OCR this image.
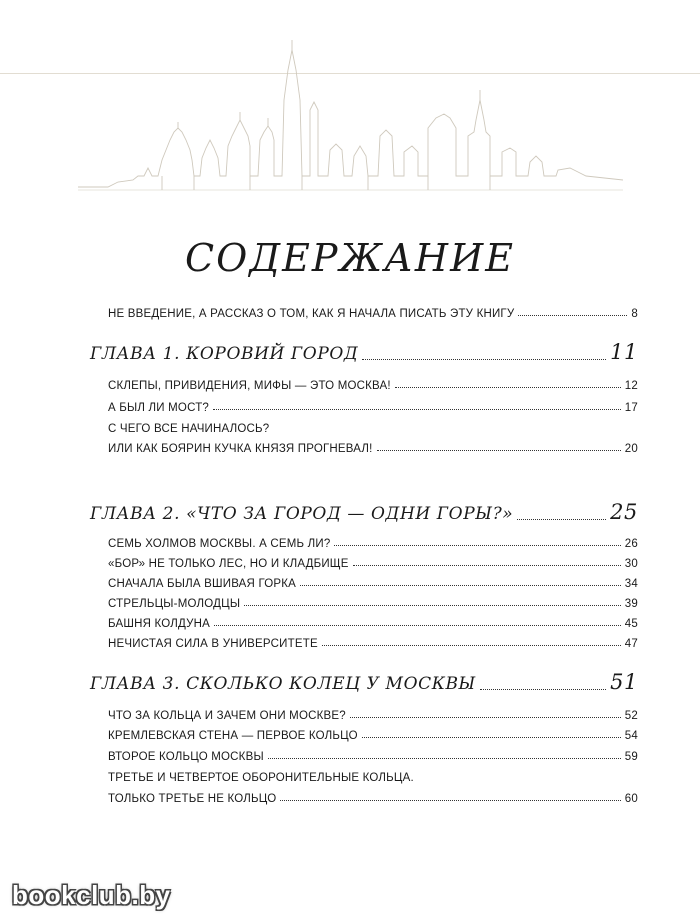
СОДЕРЖАНИЕ
НЕ ВВЕДЕНИЕ, А РАССКАЗ О ТОМ, КАК Я НАЧАЛА ПИСАТЬ ЭТУ КНИГУ	8
ГЛАВА 1. КОРОВИЙ ГОРОД	11
СКЛЕПЫ, ПРИВИДЕНИЯ, МИФЫ — ЭТО МОСКВА!	12
А БЫЛ ЛИ МОСТ?	17
С ЧЕГО ВСЕ НАЧИНАЛОСЬ?
ИЛИ КАК БОЯРИН КУЧКА КНЯЗЯ ПРОГНЕВАЛ!	20
ГЛАВА 2. «ЧТО ЗА ГОРОД — ОДНИ ГОРЫ?»	25
СЕМЬ ХОЛМОВ МОСКВЫ. А СЕМЬ ЛИ?	26
«БОР» НЕ ТОЛЬКО ЛЕС, НО И КЛАДБИЩЕ	30
СНАЧАЛА БЫЛА ВШИВАЯ ГОРКА	34
СТРЕЛЬЦЫ-МОЛОДЦЫ	39
БАШНЯ КОЛДУНА	45
НЕЧИСТАЯ СИЛА В УНИВЕРСИТЕТЕ	47
ГЛАВА 3. СКОЛЬКО КОЛЕЦ У МОСКВЫ	51
ЧТО ЗА КОЛЬЦА И ЗАЧЕМ ОНИ МОСКВЕ?	52
КРЕМЛЕВСКАЯ СТЕНА — ПЕРВОЕ КОЛЬЦО	54
ВТОРОЕ КОЛЬЦО МОСКВЫ	59
ТРЕТЬЕ И ЧЕТВЕРТОЕ ОБОРОНИТЕЛЬНЫЕ КОЛЬЦА.
ТОЛЬКО ТРЕТЬЕ НЕ КОЛЬЦО	60
bookclub.by
